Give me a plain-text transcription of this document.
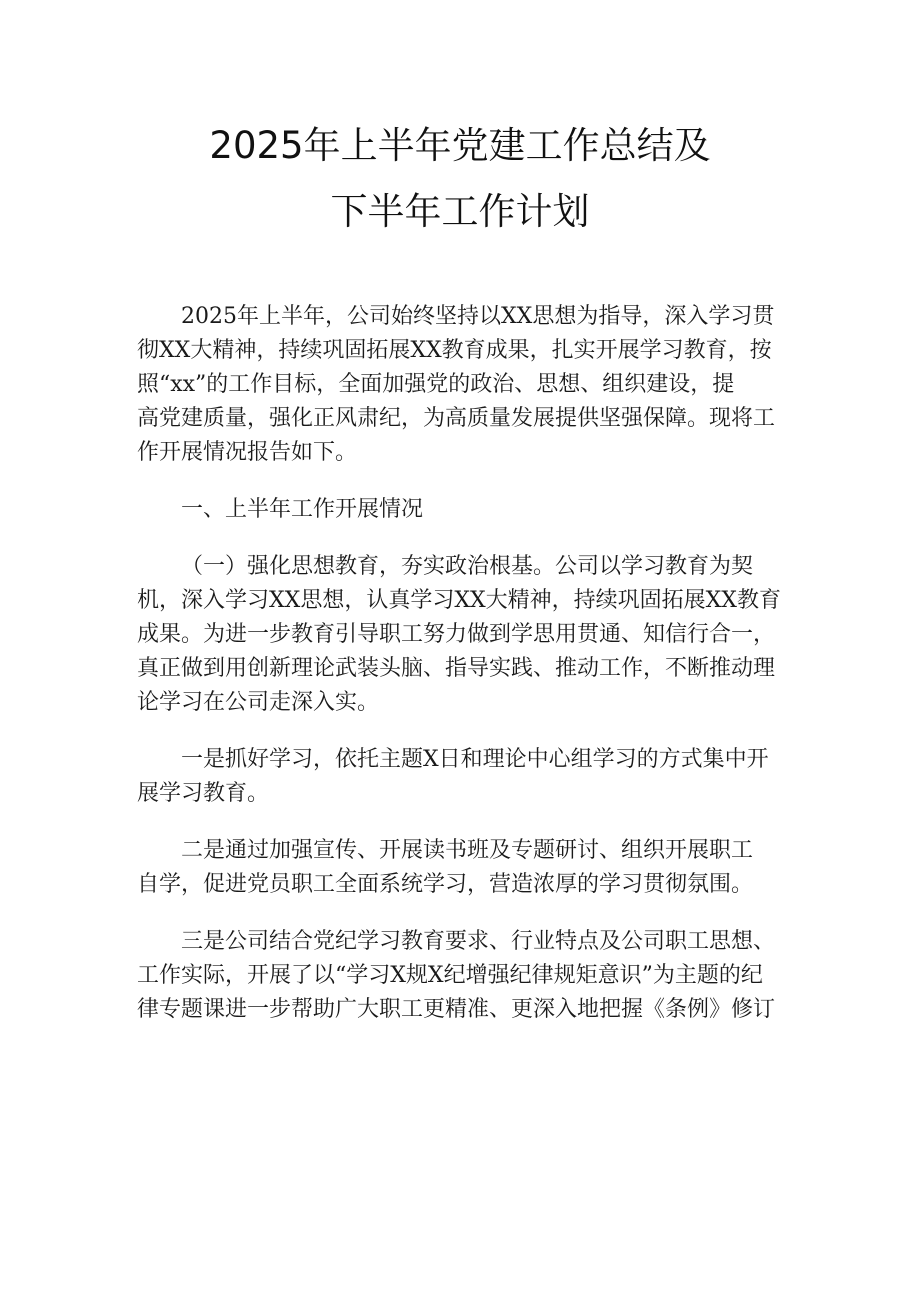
2025年上半年党建工作总结及
下半年工作计划
2025年上半年，公司始终坚持以XX思想为指导，深入学习贯
彻XX大精神，持续巩固拓展XX教育成果，扎实开展学习教育，按
照“xx”的工作目标，全面加强党的政治、思想、组织建设，提
高党建质量，强化正风肃纪，为高质量发展提供坚强保障。现将工
作开展情况报告如下。
一、上半年工作开展情况
（一）强化思想教育，夯实政治根基。公司以学习教育为契
机，深入学习XX思想，认真学习XX大精神，持续巩固拓展XX教育
成果。为进一步教育引导职工努力做到学思用贯通、知信行合一，
真正做到用创新理论武装头脑、指导实践、推动工作，不断推动理
论学习在公司走深入实。
一是抓好学习，依托主题X日和理论中心组学习的方式集中开
展学习教育。
二是通过加强宣传、开展读书班及专题研讨、组织开展职工
自学，促进党员职工全面系统学习，营造浓厚的学习贯彻氛围。
三是公司结合党纪学习教育要求、行业特点及公司职工思想、
工作实际，开展了以“学习X规X纪增强纪律规矩意识”为主题的纪
律专题课进一步帮助广大职工更精准、更深入地把握《条例》修订
